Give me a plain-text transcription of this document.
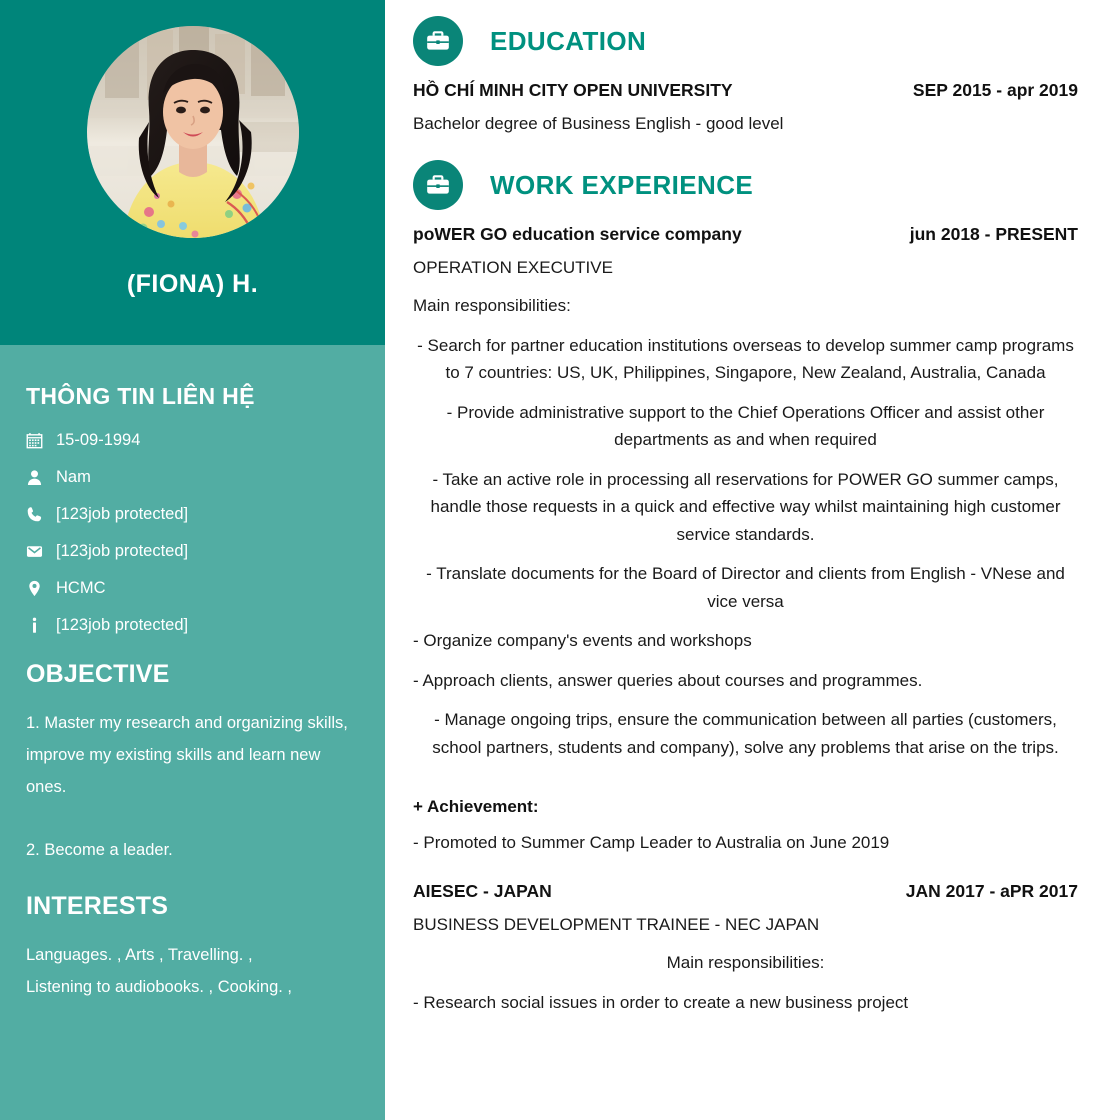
(FIONA) H.
THÔNG TIN LIÊN HỆ
15-09-1994
Nam
[123job protected]
[123job protected]
HCMC
[123job protected]
OBJECTIVE

1. Master my research and organizing skills, improve my existing skills and learn new ones.

2. Become a leader.

INTERESTS

Languages. , Arts , Travelling. ,

Listening to audiobooks. , Cooking. ,

EDUCATION
HỒ CHÍ MINH CITY OPEN UNIVERSITY	SEP 2015 - apr 2019
Bachelor degree of Business English - good level
WORK EXPERIENCE
poWER GO education service company	jun 2018 - PRESENT
OPERATION EXECUTIVE
Main responsibilities:
- Search for partner education institutions overseas to develop summer camp programs to 7 countries: US, UK, Philippines, Singapore, New Zealand, Australia, Canada
- Provide administrative support to the Chief Operations Officer and assist other departments as and when required
- Take an active role in processing all reservations for POWER GO summer camps,
handle those requests in a quick and effective way whilst maintaining high customer service standards.
- Translate documents for the Board of Director and clients from English - VNese and vice versa
- Organize company's events and workshops
- Approach clients, answer queries about courses and programmes.
- Manage ongoing trips, ensure the communication between all parties (customers, school partners, students and company), solve any problems that arise on the trips.
+ Achievement:
- Promoted to Summer Camp Leader to Australia on June 2019
AIESEC - JAPAN	JAN 2017 - aPR 2017
BUSINESS DEVELOPMENT TRAINEE - NEC JAPAN
Main responsibilities:
- Research social issues in order to create a new business project
